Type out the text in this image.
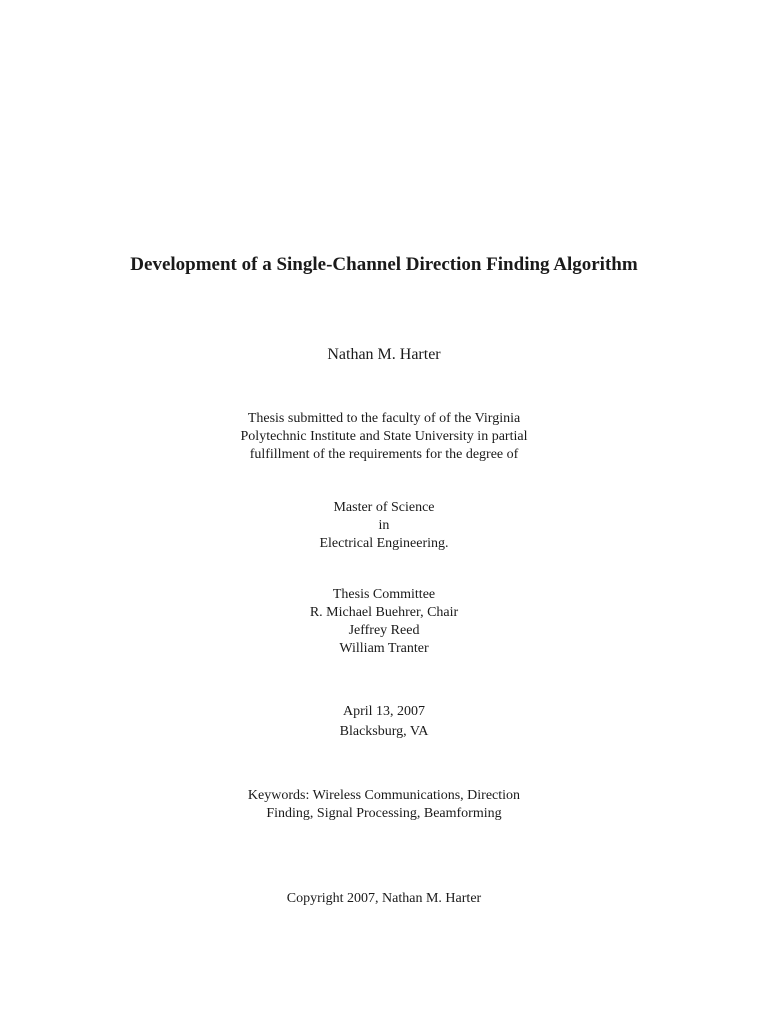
Development of a Single-Channel Direction Finding Algorithm
Nathan M. Harter
Thesis submitted to the faculty of of the Virginia
Polytechnic Institute and State University in partial
fulfillment of the requirements for the degree of
Master of Science
in
Electrical Engineering.
Thesis Committee
R. Michael Buehrer, Chair
Jeffrey Reed
William Tranter
April 13, 2007
Blacksburg, VA
Keywords: Wireless Communications, Direction
Finding, Signal Processing, Beamforming
Copyright 2007, Nathan M. Harter
